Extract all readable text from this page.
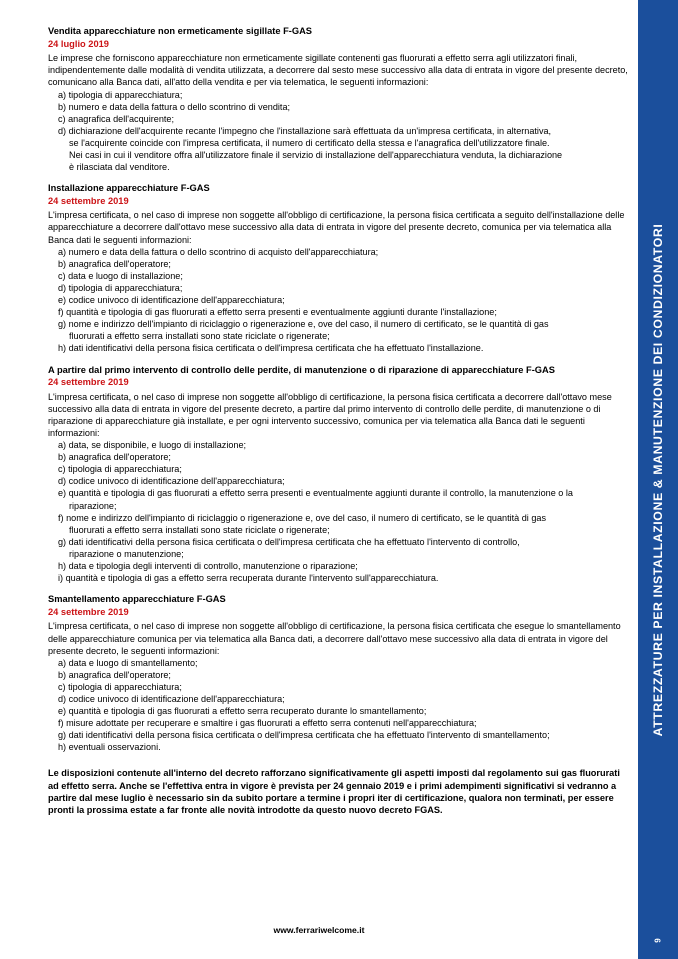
ATTREZZATURE PER INSTALLAZIONE & MANUTENZIONE DEI CONDIZIONATORI
9
Vendita apparecchiature non ermeticamente sigillate F-GAS
24 luglio 2019

Le imprese che forniscono apparecchiature non ermeticamente sigillate contenenti gas fluorurati a effetto serra agli utilizzatori finali, indipendentemente dalle modalità di vendita utilizzata, a decorrere dal sesto mese successivo alla data di entrata in vigore del presente decreto, comunicano alla Banca dati, all'atto della vendita e per via telematica, le seguenti informazioni:

a) tipologia di apparecchiatura;
b) numero e data della fattura o dello scontrino di vendita;
c) anagrafica dell'acquirente;
d) dichiarazione dell'acquirente recante l'impegno che l'installazione sarà effettuata da un'impresa certificata, in alternativa,
se l'acquirente coincide con l'impresa certificata, il numero di certificato della stessa e l'anagrafica dell'utilizzatore finale.
Nei casi in cui il venditore offra all'utilizzatore finale il servizio di installazione dell'apparecchiatura venduta, la dichiarazione
è rilasciata dal venditore.
Installazione apparecchiature F-GAS
24 settembre 2019

L'impresa certificata, o nel caso di imprese non soggette all'obbligo di certificazione, la persona fisica certificata a seguito dell'installazione delle apparecchiature a decorrere dall'ottavo mese successivo alla data di entrata in vigore del presente decreto, comunica per via telematica alla Banca dati le seguenti informazioni:

a) numero e data della fattura o dello scontrino di acquisto dell'apparecchiatura;
b) anagrafica dell'operatore;
c) data e luogo di installazione;
d) tipologia di apparecchiatura;
e) codice univoco di identificazione dell'apparecchiatura;
f) quantità e tipologia di gas fluorurati a effetto serra presenti e eventualmente aggiunti durante l'installazione;
g) nome e indirizzo dell'impianto di riciclaggio o rigenerazione e, ove del caso, il numero di certificato, se le quantità di gas
fluorurati a effetto serra installati sono state riciclate o rigenerate;
h) dati identificativi della persona fisica certificata o dell'impresa certificata che ha effettuato l'installazione.
A partire dal primo intervento di controllo delle perdite, di manutenzione o di riparazione di apparecchiature F-GAS
24 settembre 2019

L'impresa certificata, o nel caso di imprese non soggette all'obbligo di certificazione, la persona fisica certificata a decorrere dall'ottavo mese successivo alla data di entrata in vigore del presente decreto, a partire dal primo intervento di controllo delle perdite, di manutenzione o di riparazione di apparecchiature già installate, e per ogni intervento successivo, comunica per via telematica alla Banca dati le seguenti informazioni:

a) data, se disponibile, e luogo di installazione;
b) anagrafica dell'operatore;
c) tipologia di apparecchiatura;
d) codice univoco di identificazione dell'apparecchiatura;
e) quantità e tipologia di gas fluorurati a effetto serra presenti e eventualmente aggiunti durante il controllo, la manutenzione o la
riparazione;
f) nome e indirizzo dell'impianto di riciclaggio o rigenerazione e, ove del caso, il numero di certificato, se le quantità di gas
fluorurati a effetto serra installati sono state riciclate o rigenerate;
g) dati identificativi della persona fisica certificata o dell'impresa certificata che ha effettuato l'intervento di controllo,
riparazione o manutenzione;
h) data e tipologia degli interventi di controllo, manutenzione o riparazione;
i) quantità e tipologia di gas a effetto serra recuperata durante l'intervento sull'apparecchiatura.
Smantellamento apparecchiature F-GAS
24 settembre 2019

L'impresa certificata, o nel caso di imprese non soggette all'obbligo di certificazione, la persona fisica certificata che esegue lo smantellamento delle apparecchiature comunica per via telematica alla Banca dati, a decorrere dall'ottavo mese successivo alla data di entrata in vigore del presente decreto, le seguenti informazioni:

a) data e luogo di smantellamento;
b) anagrafica dell'operatore;
c) tipologia di apparecchiatura;
d) codice univoco di identificazione dell'apparecchiatura;
e) quantità e tipologia di gas fluorurati a effetto serra recuperato durante lo smantellamento;
f) misure adottate per recuperare e smaltire i gas fluorurati a effetto serra contenuti nell'apparecchiatura;
g) dati identificativi della persona fisica certificata o dell'impresa certificata che ha effettuato l'intervento di smantellamento;
h) eventuali osservazioni.

Le disposizioni contenute all'interno del decreto rafforzano significativamente gli aspetti imposti dal regolamento sui gas fluorurati ad effetto serra. Anche se l'effettiva entra in vigore è prevista per 24 gennaio 2019 e i primi adempimenti significativi si vedranno a partire dal mese luglio è necessario sin da subito portare a termine i propri iter di certificazione, qualora non terminati, per essere pronti la prossima estate a far fronte alle novità introdotte da questo nuovo decreto FGAS.

www.ferrariwelcome.it
